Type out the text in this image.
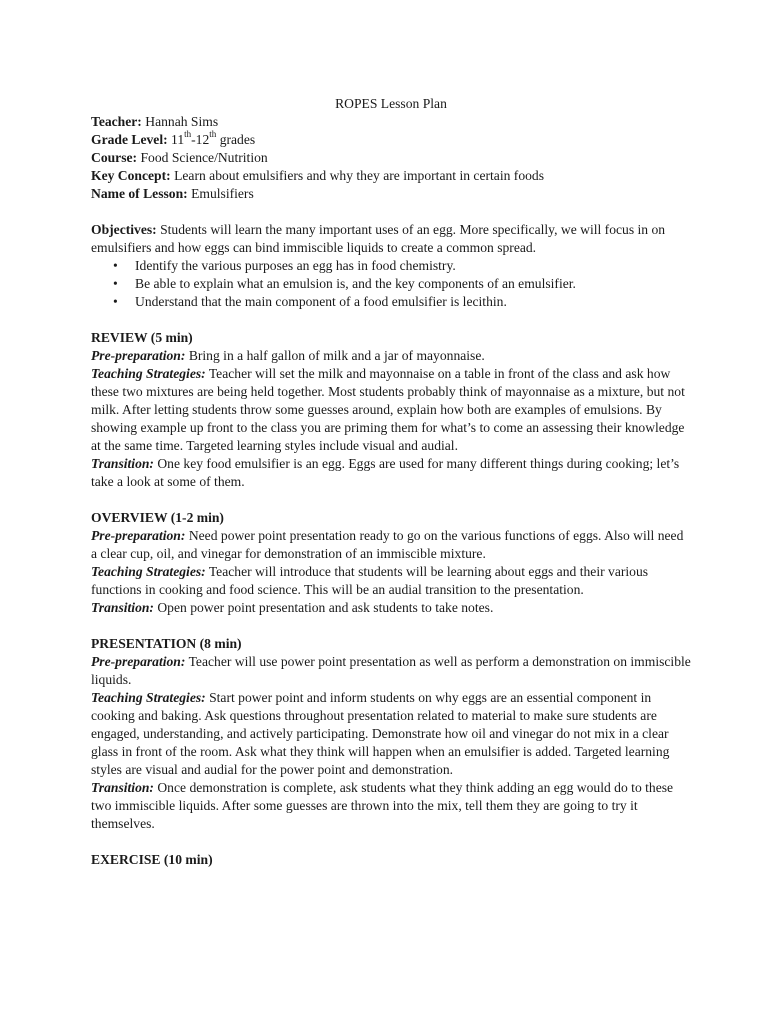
ROPES Lesson Plan

Teacher: Hannah Sims

Grade Level: 11th-12th grades

Course: Food Science/Nutrition

Key Concept: Learn about emulsifiers and why they are important in certain foods

Name of Lesson: Emulsifiers

Objectives: Students will learn the many important uses of an egg. More specifically, we will focus in on emulsifiers and how eggs can bind immiscible liquids to create a common spread.

• Identify the various purposes an egg has in food chemistry.
• Be able to explain what an emulsion is, and the key components of an emulsifier.
• Understand that the main component of a food emulsifier is lecithin.

REVIEW (5 min)

Pre-preparation: Bring in a half gallon of milk and a jar of mayonnaise.

Teaching Strategies: Teacher will set the milk and mayonnaise on a table in front of the class and ask how these two mixtures are being held together. Most students probably think of mayonnaise as a mixture, but not milk. After letting students throw some guesses around, explain how both are examples of emulsions. By showing example up front to the class you are priming them for what’s to come an assessing their knowledge at the same time. Targeted learning styles include visual and audial.

Transition: One key food emulsifier is an egg. Eggs are used for many different things during cooking; let’s take a look at some of them.

OVERVIEW (1-2 min)

Pre-preparation: Need power point presentation ready to go on the various functions of eggs. Also will need a clear cup, oil, and vinegar for demonstration of an immiscible mixture.

Teaching Strategies: Teacher will introduce that students will be learning about eggs and their various functions in cooking and food science. This will be an audial transition to the presentation.

Transition: Open power point presentation and ask students to take notes.

PRESENTATION (8 min)

Pre-preparation: Teacher will use power point presentation as well as perform a demonstration on immiscible liquids.

Teaching Strategies: Start power point and inform students on why eggs are an essential component in cooking and baking. Ask questions throughout presentation related to material to make sure students are engaged, understanding, and actively participating. Demonstrate how oil and vinegar do not mix in a clear glass in front of the room. Ask what they think will happen when an emulsifier is added. Targeted learning styles are visual and audial for the power point and demonstration.

Transition: Once demonstration is complete, ask students what they think adding an egg would do to these two immiscible liquids. After some guesses are thrown into the mix, tell them they are going to try it themselves.

EXERCISE (10 min)
